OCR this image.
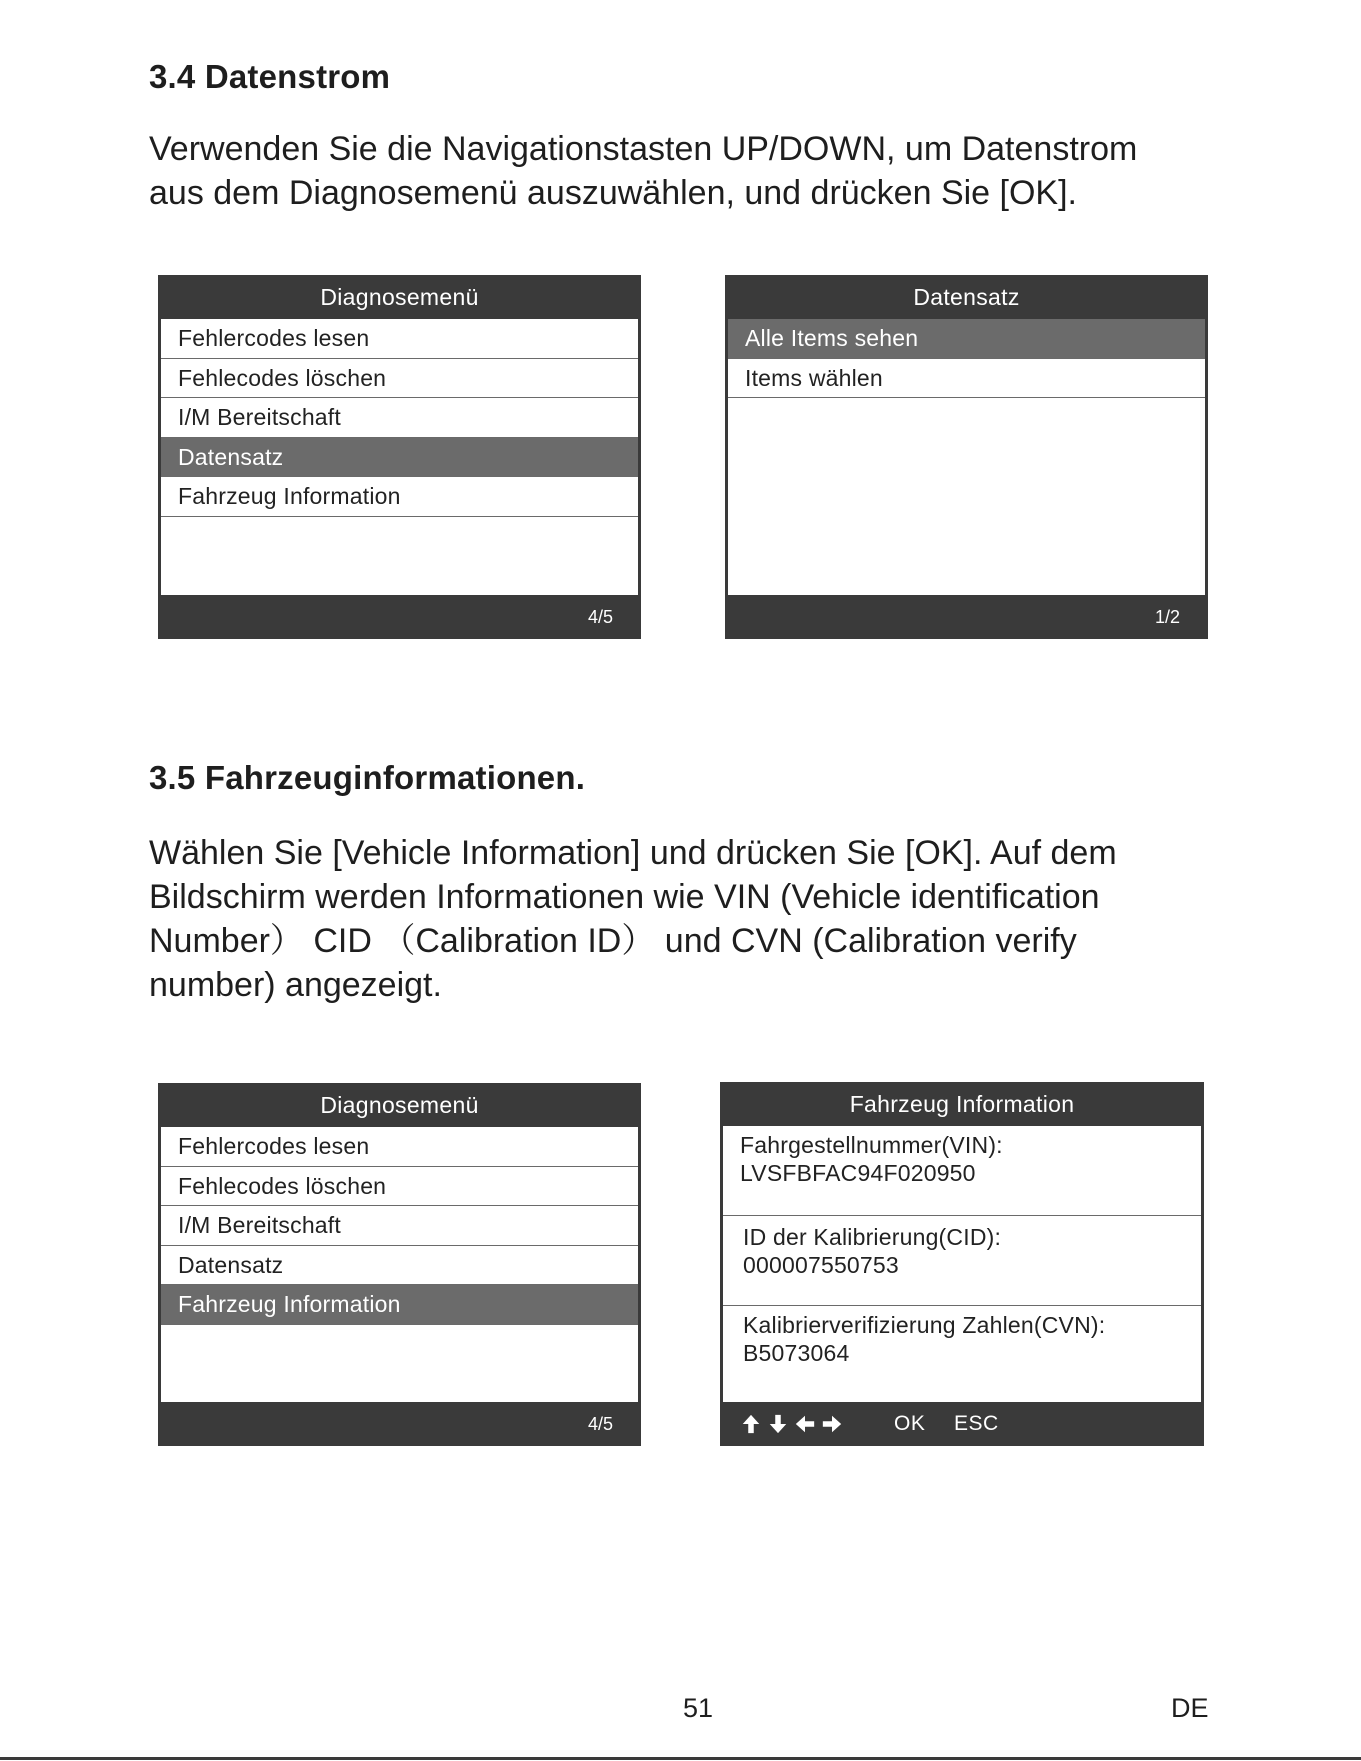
3.4 Datenstrom

Verwenden Sie die Navigationstasten UP/DOWN, um Datenstrom
aus dem Diagnosemenü auszuwählen, und drücken Sie [OK].

Diagnosemenü
Fehlercodes lesen
Fehlecodes löschen
I/M Bereitschaft
Datensatz
Fahrzeug Information
4/5
Datensatz
Alle Items sehen
Items wählen
1/2
3.5 Fahrzeuginformationen.

Wählen Sie [Vehicle Information] und drücken Sie [OK]. Auf dem
Bildschirm werden Informationen wie VIN (Vehicle identification
Number） CID （Calibration ID） und CVN (Calibration verify
number) angezeigt.

Diagnosemenü
Fehlercodes lesen
Fehlecodes löschen
I/M Bereitschaft
Datensatz
Fahrzeug Information
4/5
Fahrzeug Information
Fahrgestellnummer(VIN):
LVSFBFAC94F020950
ID der Kalibrierung(CID):
000007550753
Kalibrierverifizierung Zahlen(CVN):
B5073064
OK ESC
51	DE
